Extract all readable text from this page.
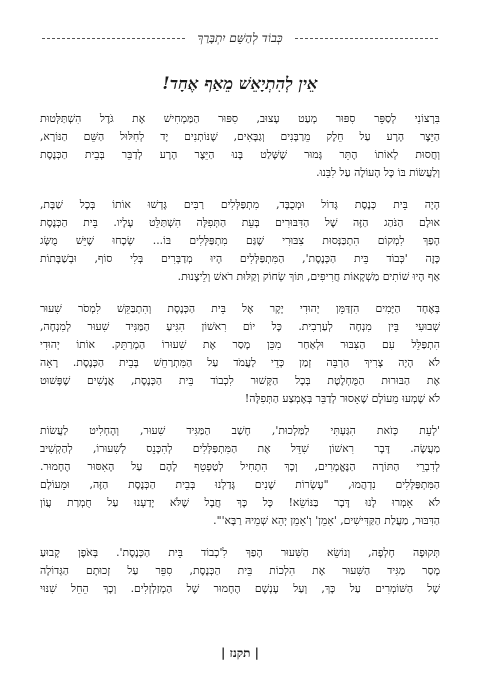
כְּבוֹד לְהַשֵּׁם יִתְבָּרַךְ
אֵין לְהִתְיָאֵשׁ מֵאַף אֶחָד!
בִּרְצוֹנִי לְסַפֵּר סִפּוּר מְעַט עָצוּב, סִפּוּר הַמַּמְחִישׁ אֶת גֹּדֶל הִשְׁתַּלְּטוּת
הַיֵּצֶר הָרָע עַל חֵלֶק מֵרַבָּנִים וְגַבָּאִים, שֶׁנּוֹתְנִים יָד לְחִלּוּל הַשֵּׁם הַנּוֹרָא,
וְחֲסוּת לְאוֹתוֹ הֶתֵּר גָּמוּר שֶׁשָּׁלַט בָּנוּ הַיֵּצֶר הָרָע לְדַבֵּר בְּבֵית הַכְּנֶסֶת
וְלַעֲשׂוֹת בּוֹ כָּל הָעוֹלֶה עַל לִבֵּנוּ.
הָיָה בֵּית כְּנֶסֶת גָּדוֹל וּמְכֻבָּד, מִתְפַּלְּלִים רַבִּים גָּדְשׁוּ אוֹתוֹ בְּכָל שַׁבָּת,
אוּלָם הַנֹּהַג הַזֶּה שֶׁל הַדִּבּוּרִים בְּעֵת הַתְּפִלָּה הִשְׁתַּלֵּט עָלָיו. בֵּית הַכְּנֶסֶת
הָפַךְ לִמְקוֹם הִתְכַּנְּסוּת צִבּוּרִי שֶׁגַּם מִתְפַּלְּלִים בּוֹ... שְׂכָחוּ שֶׁיֵּשׁ מֻשָּׂג
כָּזֶה 'כְּבוֹד בֵּית הַכְּנֶסֶת', הַמִּתְפַּלְּלִים הָיוּ מְדַבְּרִים בְּלִי סוֹף, וּבְשַׁבָּתוֹת
אַף הָיוּ שׁוֹתִים מַשְׁקָאוֹת חֲרִיפִים, תּוֹךְ שְׂחוֹק וְקַלּוּת רֹאשׁ וְלֵיצָנוּת.
בְּאֶחָד הַיָּמִים הִזְדַּמֵּן יְהוּדִי יָקָר אֶל בֵּית הַכְּנֶסֶת וְהִתְבַּקֵּשׁ לִמְסֹר שִׁעוּר
שְׁבוּעִי בֵּין מִנְחָה לְעַרְבִית. כָּל יוֹם רִאשׁוֹן הִגִּיעַ הַמַּגִּיד שִׁעוּר לְמִנְחָה,
הִתְפַּלֵּל עִם הַצִּבּוּר וּלְאַחַר מִכֵּן מָסַר אֶת שִׁעוּרוֹ הַמְרַתֵּק. אוֹתוֹ יְהוּדִי
לֹא הָיָה צָרִיךְ הַרְבֵּה זְמַן כְּדֵי לַעֲמֹד עַל הַמִּתְרַחֵשׁ בְּבֵית הַכְּנֶסֶת. רָאָה
אֶת הַבּוּרוּת הַמֻּחְלֶטֶת בְּכָל הַקָּשׁוּר לִכְבוֹד בֵּית הַכְּנֶסֶת, אֲנָשִׁים שֶׁפָּשׁוּט
לֹא שָׁמְעוּ מֵעוֹלָם שֶׁאָסוּר לְדַבֵּר בְּאֶמְצַע הַתְּפִלָּה!
'לְעֵת כְּזֹאת הִגַּעְתִּי לַמַּלְכוּת', חָשַׁב הַמַּגִּיד שִׁעוּר, וְהֶחְלִיט לַעֲשׂוֹת
מַעֲשֶׂה. דָּבָר רִאשׁוֹן שִׁדֵּל אֶת הַמִּתְפַּלְּלִים לְהִכָּנֵס לְשִׁעוּרוֹ, לְהַקְשִׁיב
לְדִבְרֵי הַתּוֹרָה הַנֶּאֱמָרִים, וְכָךְ הִתְחִיל לְטַפְטֵף לָהֶם עַל הָאִסּוּר הֶחָמוּר.
הַמִּתְפַּלְּלִים נִדְהֲמוּ, "עֶשְׂרוֹת שָׁנִים גָּדַלְנוּ בְּבֵית הַכְּנֶסֶת הַזֶּה, וּמֵעוֹלָם
לֹא אָמְרוּ לָנוּ דָּבָר בַּנּוֹשֵׂא! כָּל כָּךְ חֲבָל שֶׁלֹּא יָדַעְנוּ עַל חֻמְרַת עֲוֹן
הַדִּבּוּר, מַעֲלַת הַקַּדִּישִׁים, 'אָמֵן' וְ'אָמֵן יְהֵא שְׁמֵיהּ רַבָּא'".
תְּקוּפָה חָלְפָה, וְנוֹשֵׂא הַשִּׁעוּר הָפַךְ לִ'כְבוֹד בֵּית הַכְּנֶסֶת'. בְּאֹפֶן קָבוּעַ
מָסַר מַגִּיד הַשִּׁעוּר אֶת הִלְכוֹת בֵּית הַכְּנֶסֶת, סִפֵּר עַל זְכוּתָם הַגְּדוֹלָה
שֶׁל הַשּׁוֹמְרִים עַל כָּךְ, וְעַל עָנְשָׁם הֶחָמוּר שֶׁל הַמְזַלְזְלִים. וְכָךְ הֵחֵל שִׁנּוּי
| תקנז |
